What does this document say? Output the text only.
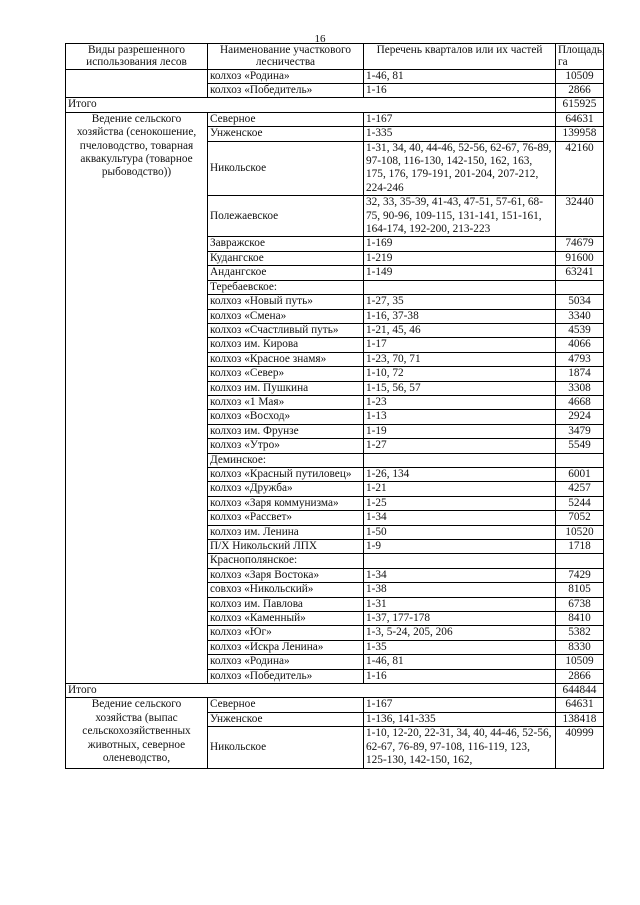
16
Виды разрешенного использования лесов	Наименование участкового лесничества	Перечень кварталов или их частей	Площадь, га
	колхоз «Родина»	1-46, 81	10509
	колхоз «Победитель»	1-16	2866
Итого			615925
Ведение сельского хозяйства (сенокошение, пчеловодство, товарная аквакультура (товарное рыбоводство))	Северное	1-167	64631
	Унженское	1-335	139958
	Никольское	1-31, 34, 40, 44-46, 52-56, 62-67, 76-89, 97-108, 116-130, 142-150, 162, 163, 175, 176, 179-191, 201-204, 207-212, 224-246	42160
	Полежаевское	32, 33, 35-39, 41-43, 47-51, 57-61, 68-75, 90-96, 109-115, 131-141, 151-161, 164-174, 192-200, 213-223	32440
	Завражское	1-169	74679
	Кудангское	1-219	91600
	Андангское	1-149	63241
	Теребаевское:		
	колхоз «Новый путь»	1-27, 35	5034
	колхоз «Смена»	1-16, 37-38	3340
	колхоз «Счастливый путь»	1-21, 45, 46	4539
	колхоз им. Кирова	1-17	4066
	колхоз «Красное знамя»	1-23, 70, 71	4793
	колхоз «Север»	1-10, 72	1874
	колхоз им. Пушкина	1-15, 56, 57	3308
	колхоз «1 Мая»	1-23	4668
	колхоз «Восход»	1-13	2924
	колхоз им. Фрунзе	1-19	3479
	колхоз «Утро»	1-27	5549
	Деминское:		
	колхоз «Красный путиловец»	1-26, 134	6001
	колхоз «Дружба»	1-21	4257
	колхоз «Заря коммунизма»	1-25	5244
	колхоз «Рассвет»	1-34	7052
	колхоз им. Ленина	1-50	10520
	П/Х Никольский ЛПХ	1-9	1718
	Краснополянское:		
	колхоз «Заря Востока»	1-34	7429
	совхоз «Никольский»	1-38	8105
	колхоз им. Павлова	1-31	6738
	колхоз «Каменный»	1-37, 177-178	8410
	колхоз «Юг»	1-3, 5-24, 205, 206	5382
	колхоз «Искра Ленина»	1-35	8330
	колхоз «Родина»	1-46, 81	10509
	колхоз «Победитель»	1-16	2866
Итого			644844
Ведение сельского хозяйства (выпас сельскохозяйственных животных, северное оленеводство,	Северное	1-167	64631
	Унженское	1-136, 141-335	138418
	Никольское	1-10, 12-20, 22-31, 34, 40, 44-46, 52-56, 62-67, 76-89, 97-108, 116-119, 123, 125-130, 142-150, 162,	40999
